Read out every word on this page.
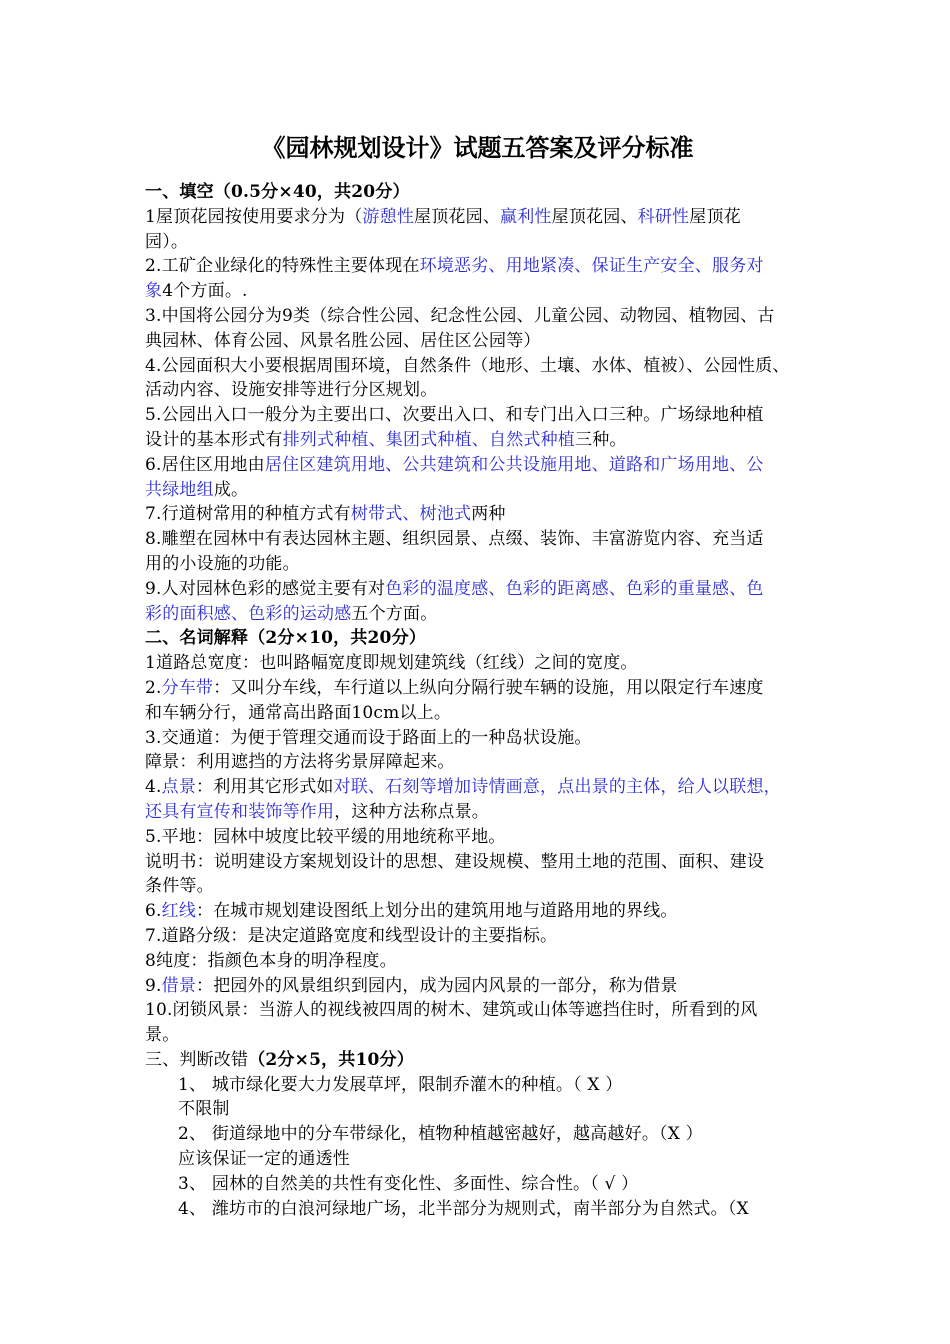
《园林规划设计》试题五答案及评分标准
一、填空（0.5分×40，共20分）
1屋顶花园按使用要求分为（游憩性屋顶花园、赢利性屋顶花园、科研性屋顶花
园）。
2.工矿企业绿化的特殊性主要体现在环境恶劣、用地紧凑、保证生产安全、服务对
象4个方面。.
3.中国将公园分为9类（综合性公园、纪念性公园、儿童公园、动物园、植物园、古
典园林、体育公园、风景名胜公园、居住区公园等）
4.公园面积大小要根据周围环境，自然条件（地形、土壤、水体、植被）、公园性质、
活动内容、设施安排等进行分区规划。
5.公园出入口一般分为主要出口、次要出入口、和专门出入口三种。广场绿地种植
设计的基本形式有排列式种植、集团式种植、自然式种植三种。
6.居住区用地由居住区建筑用地、公共建筑和公共设施用地、道路和广场用地、公
共绿地组成。
7.行道树常用的种植方式有树带式、树池式两种
8.雕塑在园林中有表达园林主题、组织园景、点缀、装饰、丰富游览内容、充当适
用的小设施的功能。
9.人对园林色彩的感觉主要有对色彩的温度感、色彩的距离感、色彩的重量感、色
彩的面积感、色彩的运动感五个方面。
二、名词解释（2分×10，共20分）
1道路总宽度：也叫路幅宽度即规划建筑线（红线）之间的宽度。
2.分车带：又叫分车线，车行道以上纵向分隔行驶车辆的设施，用以限定行车速度
和车辆分行，通常高出路面10cm以上。
3.交通道：为便于管理交通而设于路面上的一种岛状设施。
障景：利用遮挡的方法将劣景屏障起来。
4.点景：利用其它形式如对联、石刻等增加诗情画意，点出景的主体，给人以联想，
还具有宣传和装饰等作用，这种方法称点景。
5.平地：园林中坡度比较平缓的用地统称平地。
说明书：说明建设方案规划设计的思想、建设规模、整用土地的范围、面积、建设
条件等。
6.红线：在城市规划建设图纸上划分出的建筑用地与道路用地的界线。
7.道路分级：是决定道路宽度和线型设计的主要指标。
8纯度：指颜色本身的明净程度。
9.借景：把园外的风景组织到园内，成为园内风景的一部分，称为借景
10.闭锁风景：当游人的视线被四周的树木、建筑或山体等遮挡住时，所看到的风
景。
三、判断改错（2分×5，共10分）
1、 城市绿化要大力发展草坪，限制乔灌木的种植。（ X ）
不限制
2、 街道绿地中的分车带绿化，植物种植越密越好，越高越好。（X ）
应该保证一定的通透性
3、 园林的自然美的共性有变化性、多面性、综合性。（ √ ）
4、 潍坊市的白浪河绿地广场，北半部分为规则式，南半部分为自然式。（X
